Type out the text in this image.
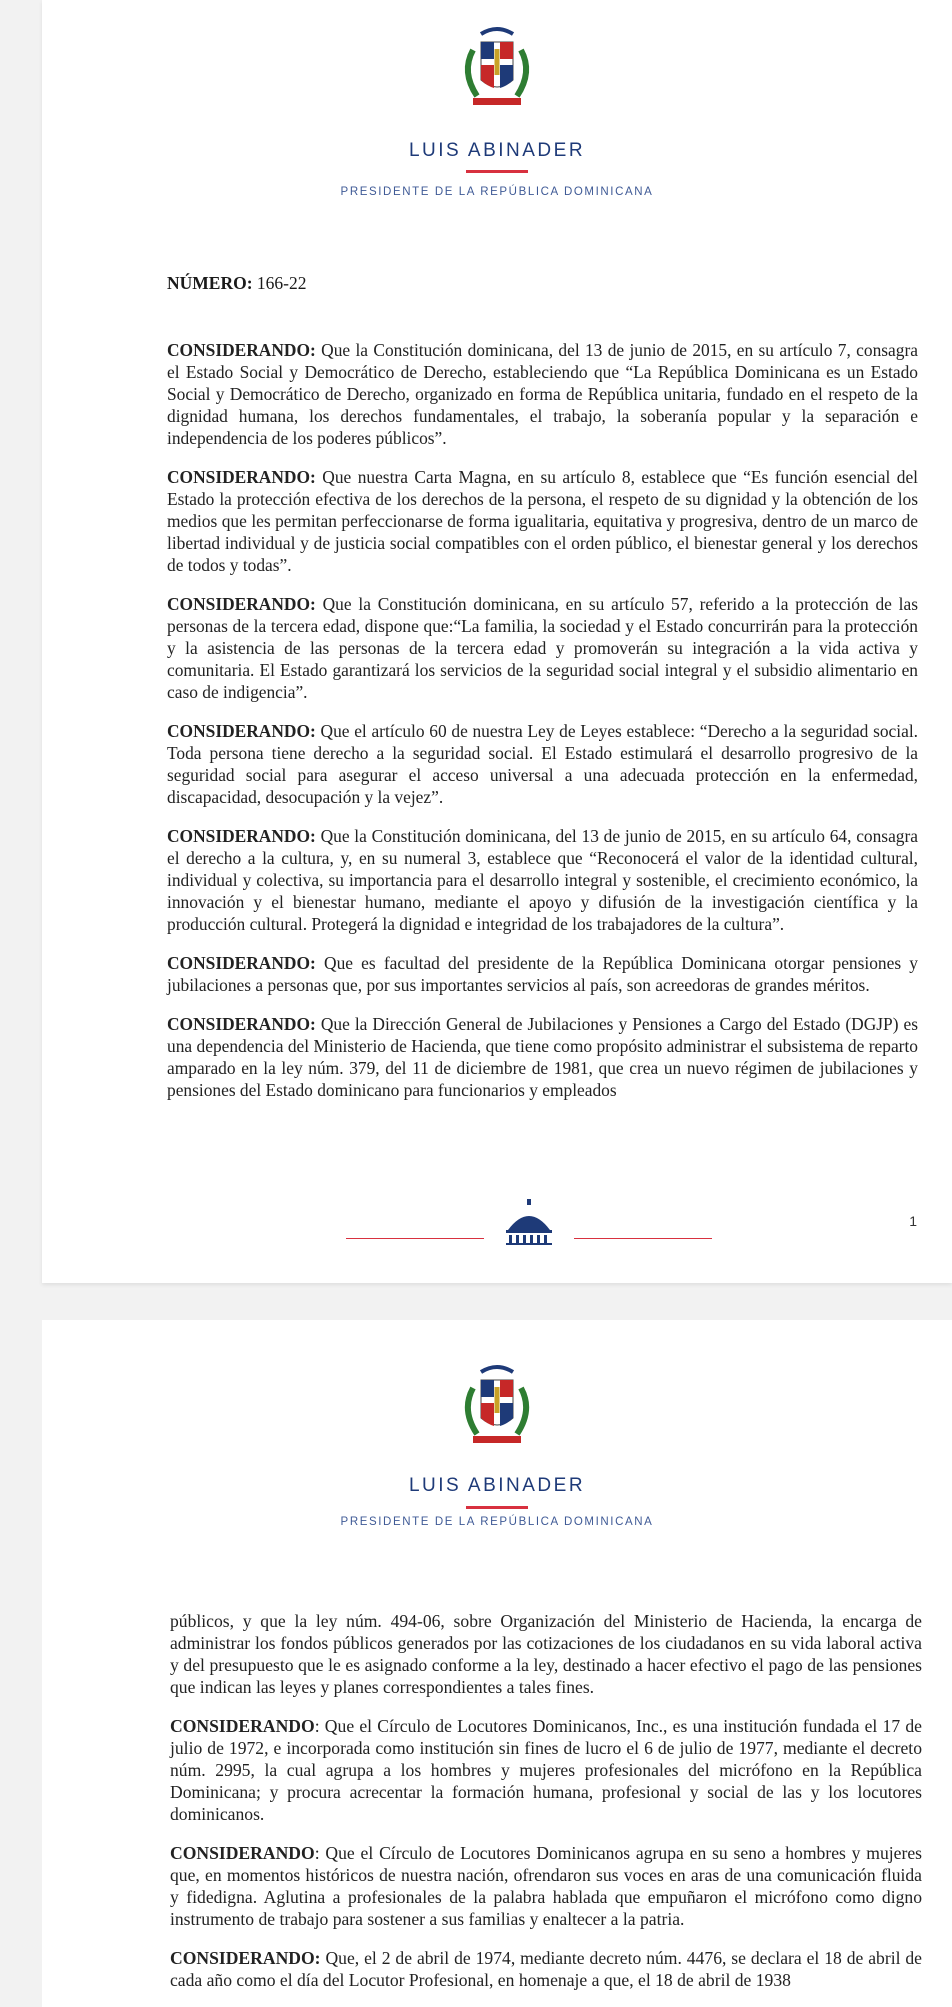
LUIS ABINADER
PRESIDENTE DE LA REPÚBLICA DOMINICANA
NÚMERO: 166-22

CONSIDERANDO: Que la Constitución dominicana, del 13 de junio de 2015, en su artículo 7, consagra el Estado Social y Democrático de Derecho, estableciendo que “La República Dominicana es un Estado Social y Democrático de Derecho, organizado en forma de República unitaria, fundado en el respeto de la dignidad humana, los derechos fundamentales, el trabajo, la soberanía popular y la separación e independencia de los poderes públicos”.

CONSIDERANDO: Que nuestra Carta Magna, en su artículo 8, establece que “Es función esencial del Estado la protección efectiva de los derechos de la persona, el respeto de su dignidad y la obtención de los medios que les permitan perfeccionarse de forma igualitaria, equitativa y progresiva, dentro de un marco de libertad individual y de justicia social compatibles con el orden público, el bienestar general y los derechos de todos y todas”.

CONSIDERANDO: Que la Constitución dominicana, en su artículo 57, referido a la protección de las personas de la tercera edad, dispone que:“La familia, la sociedad y el Estado concurrirán para la protección y la asistencia de las personas de la tercera edad y promoverán su integración a la vida activa y comunitaria. El Estado garantizará los servicios de la seguridad social integral y el subsidio alimentario en caso de indigencia”.

CONSIDERANDO: Que el artículo 60 de nuestra Ley de Leyes establece: “Derecho a la seguridad social. Toda persona tiene derecho a la seguridad social. El Estado estimulará el desarrollo progresivo de la seguridad social para asegurar el acceso universal a una adecuada protección en la enfermedad, discapacidad, desocupación y la vejez”.

CONSIDERANDO: Que la Constitución dominicana, del 13 de junio de 2015, en su artículo 64, consagra el derecho a la cultura, y, en su numeral 3, establece que “Reconocerá el valor de la identidad cultural, individual y colectiva, su importancia para el desarrollo integral y sostenible, el crecimiento económico, la innovación y el bienestar humano, mediante el apoyo y difusión de la investigación científica y la producción cultural. Protegerá la dignidad e integridad de los trabajadores de la cultura”.

CONSIDERANDO: Que es facultad del presidente de la República Dominicana otorgar pensiones y jubilaciones a personas que, por sus importantes servicios al país, son acreedoras de grandes méritos.

CONSIDERANDO: Que la Dirección General de Jubilaciones y Pensiones a Cargo del Estado (DGJP) es una dependencia del Ministerio de Hacienda, que tiene como propósito administrar el subsistema de reparto amparado en la ley núm. 379, del 11 de diciembre de 1981, que crea un nuevo régimen de jubilaciones y pensiones del Estado dominicano para funcionarios y empleados

1
LUIS ABINADER
PRESIDENTE DE LA REPÚBLICA DOMINICANA

públicos, y que la ley núm. 494-06, sobre Organización del Ministerio de Hacienda, la encarga de administrar los fondos públicos generados por las cotizaciones de los ciudadanos en su vida laboral activa y del presupuesto que le es asignado conforme a la ley, destinado a hacer efectivo el pago de las pensiones que indican las leyes y planes correspondientes a tales fines.

CONSIDERANDO: Que el Círculo de Locutores Dominicanos, Inc., es una institución fundada el 17 de julio de 1972, e incorporada como institución sin fines de lucro el 6 de julio de 1977, mediante el decreto núm. 2995, la cual agrupa a los hombres y mujeres profesionales del micrófono en la República Dominicana; y procura acrecentar la formación humana, profesional y social de las y los locutores dominicanos.

CONSIDERANDO: Que el Círculo de Locutores Dominicanos agrupa en su seno a hombres y mujeres que, en momentos históricos de nuestra nación, ofrendaron sus voces en aras de una comunicación fluida y fidedigna. Aglutina a profesionales de la palabra hablada que empuñaron el micrófono como digno instrumento de trabajo para sostener a sus familias y enaltecer a la patria.

CONSIDERANDO: Que, el 2 de abril de 1974, mediante decreto núm. 4476, se declara el 18 de abril de cada año como el día del Locutor Profesional, en homenaje a que, el 18 de abril de 1938
